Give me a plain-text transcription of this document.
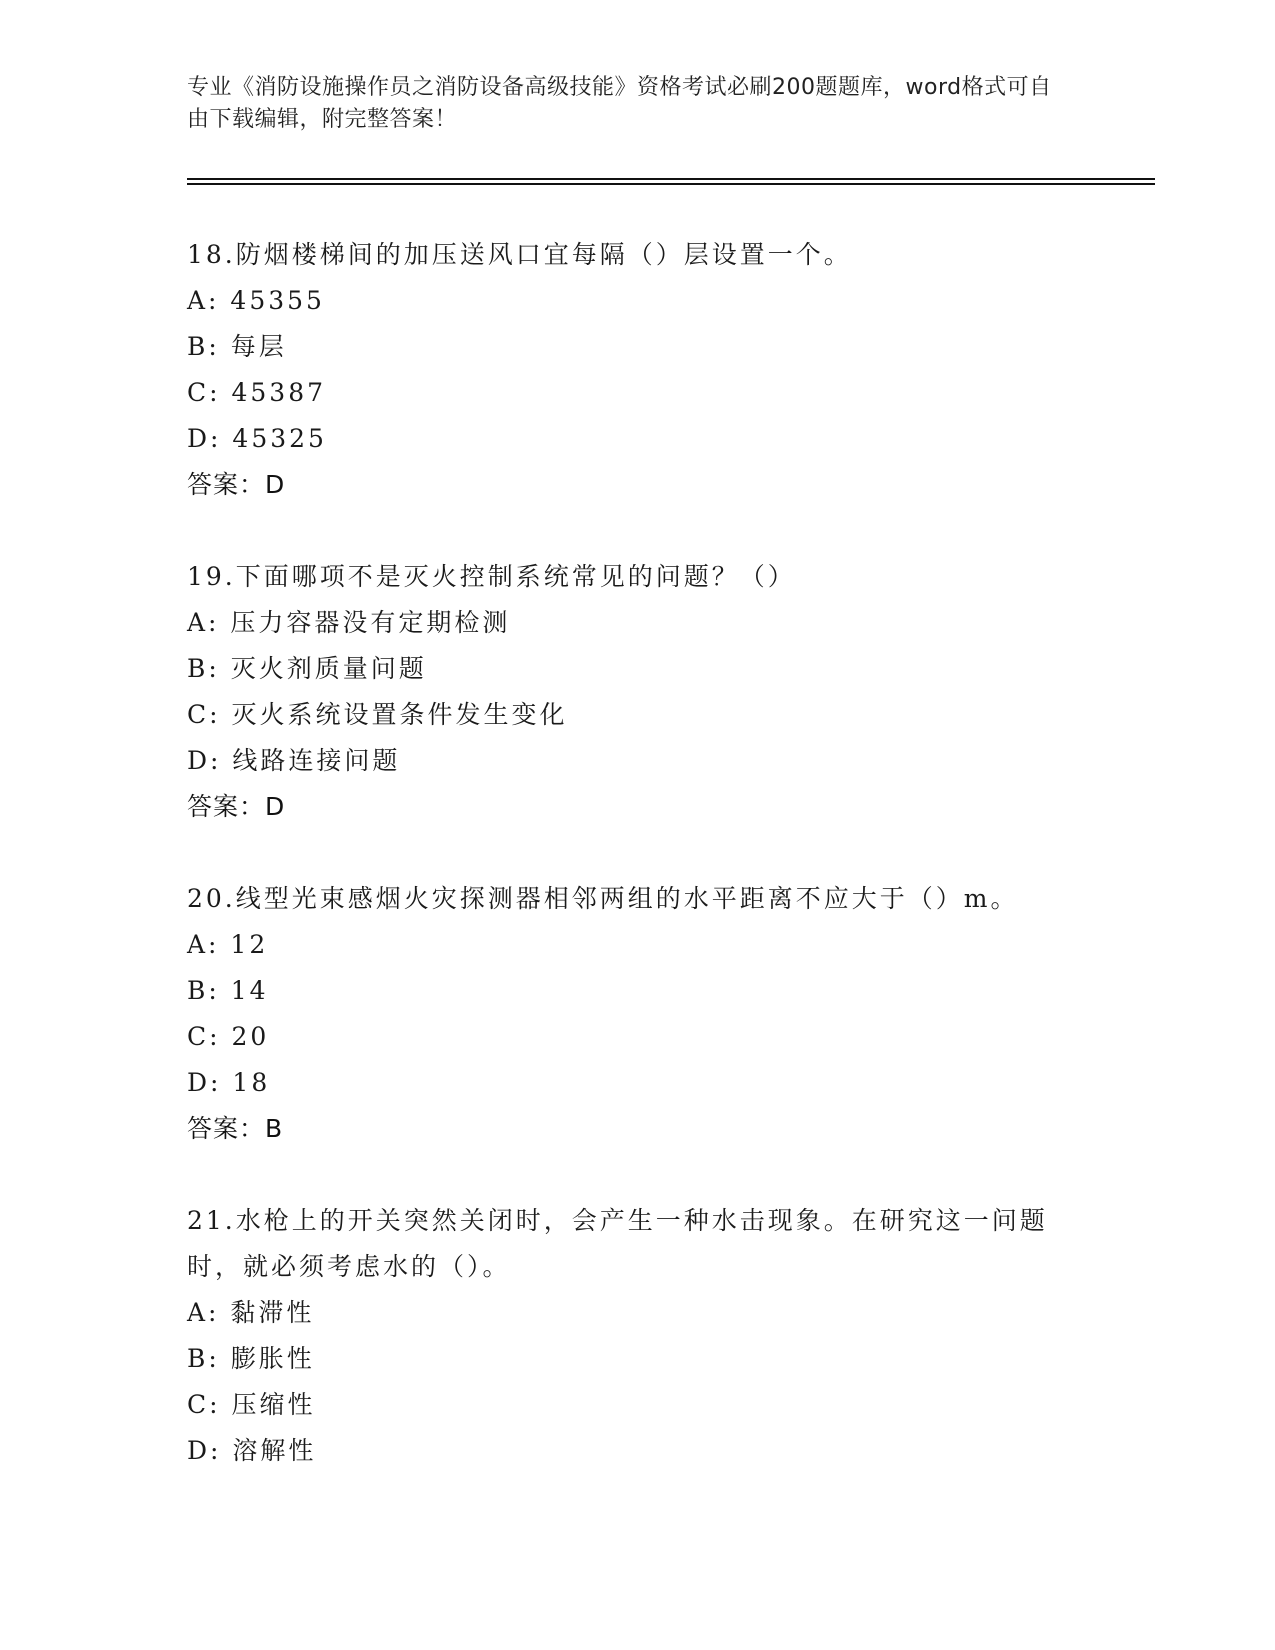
专业《消防设施操作员之消防设备高级技能》资格考试必刷200题题库，word格式可自由下载编辑，附完整答案！
18.防烟楼梯间的加压送风口宜每隔（）层设置一个。
A: 45355
B: 每层
C: 45387
D: 45325
答案：D
19.下面哪项不是灭火控制系统常见的问题？（）
A: 压力容器没有定期检测
B: 灭火剂质量问题
C: 灭火系统设置条件发生变化
D: 线路连接问题
答案：D
20.线型光束感烟火灾探测器相邻两组的水平距离不应大于（）m。
A: 12
B: 14
C: 20
D: 18
答案：B
21.水枪上的开关突然关闭时，会产生一种水击现象。在研究这一问题时，就必须考虑水的（）。
A: 黏滞性
B: 膨胀性
C: 压缩性
D: 溶解性
